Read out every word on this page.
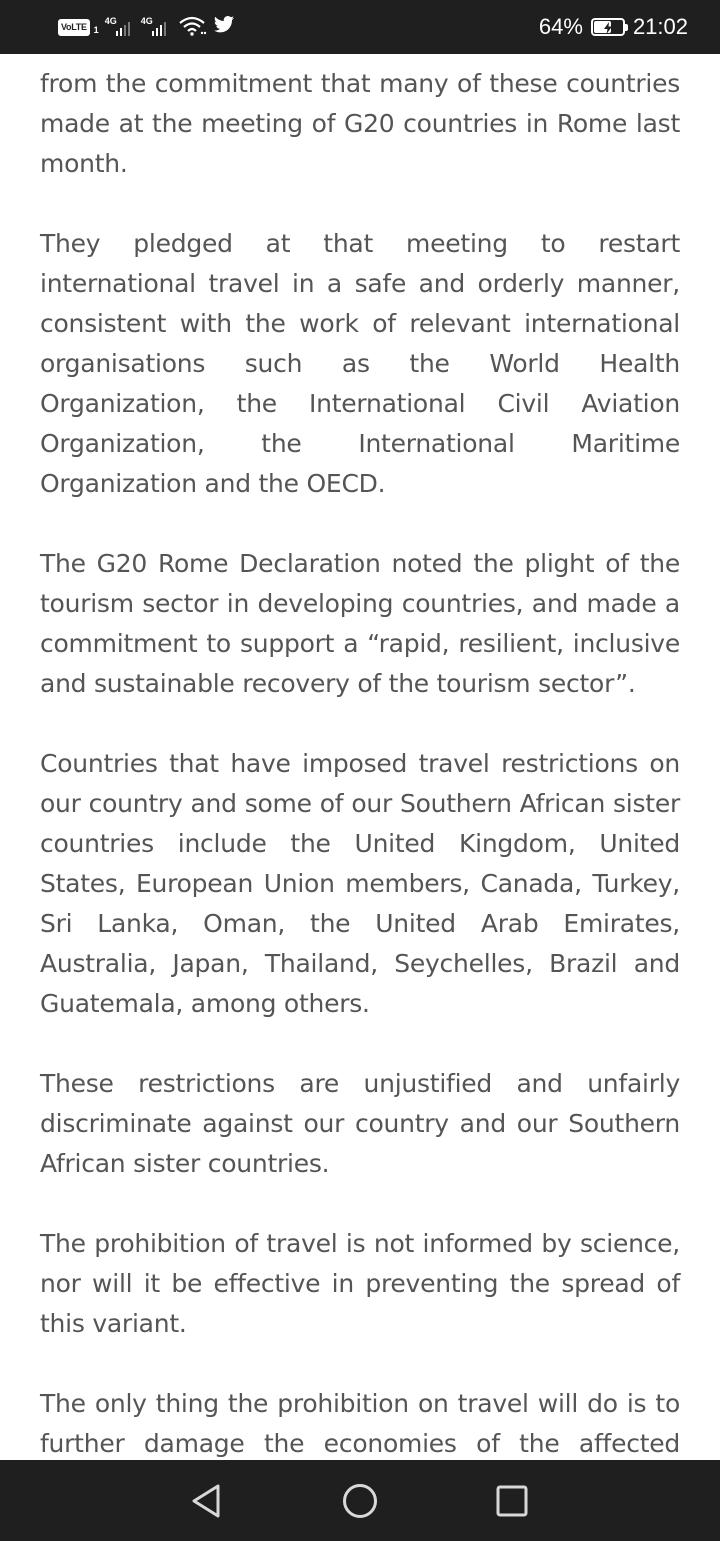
VoLTE 1
4G	4G	64% 21:02

from the commitment that many of these countries made at the meeting of G20 countries in Rome last month.

They pledged at that meeting to restart international travel in a safe and orderly manner, consistent with the work of relevant international organisations such as the World Health Organization, the International Civil Aviation Organization, the International Maritime Organization and the OECD.

The G20 Rome Declaration noted the plight of the tourism sector in developing countries, and made a commitment to support a “rapid, resilient, inclusive and sustainable recovery of the tourism sector”.

Countries that have imposed travel restrictions on our country and some of our Southern African sister countries include the United Kingdom, United States, European Union members, Canada, Turkey, Sri Lanka, Oman, the United Arab Emirates, Australia, Japan, Thailand, Seychelles, Brazil and Guatemala, among others.

These restrictions are unjustified and unfairly discriminate against our country and our Southern African sister countries.

The prohibition of travel is not informed by science, nor will it be effective in preventing the spread of this variant.

The only thing the prohibition on travel will do is to further damage the economies of the affected
